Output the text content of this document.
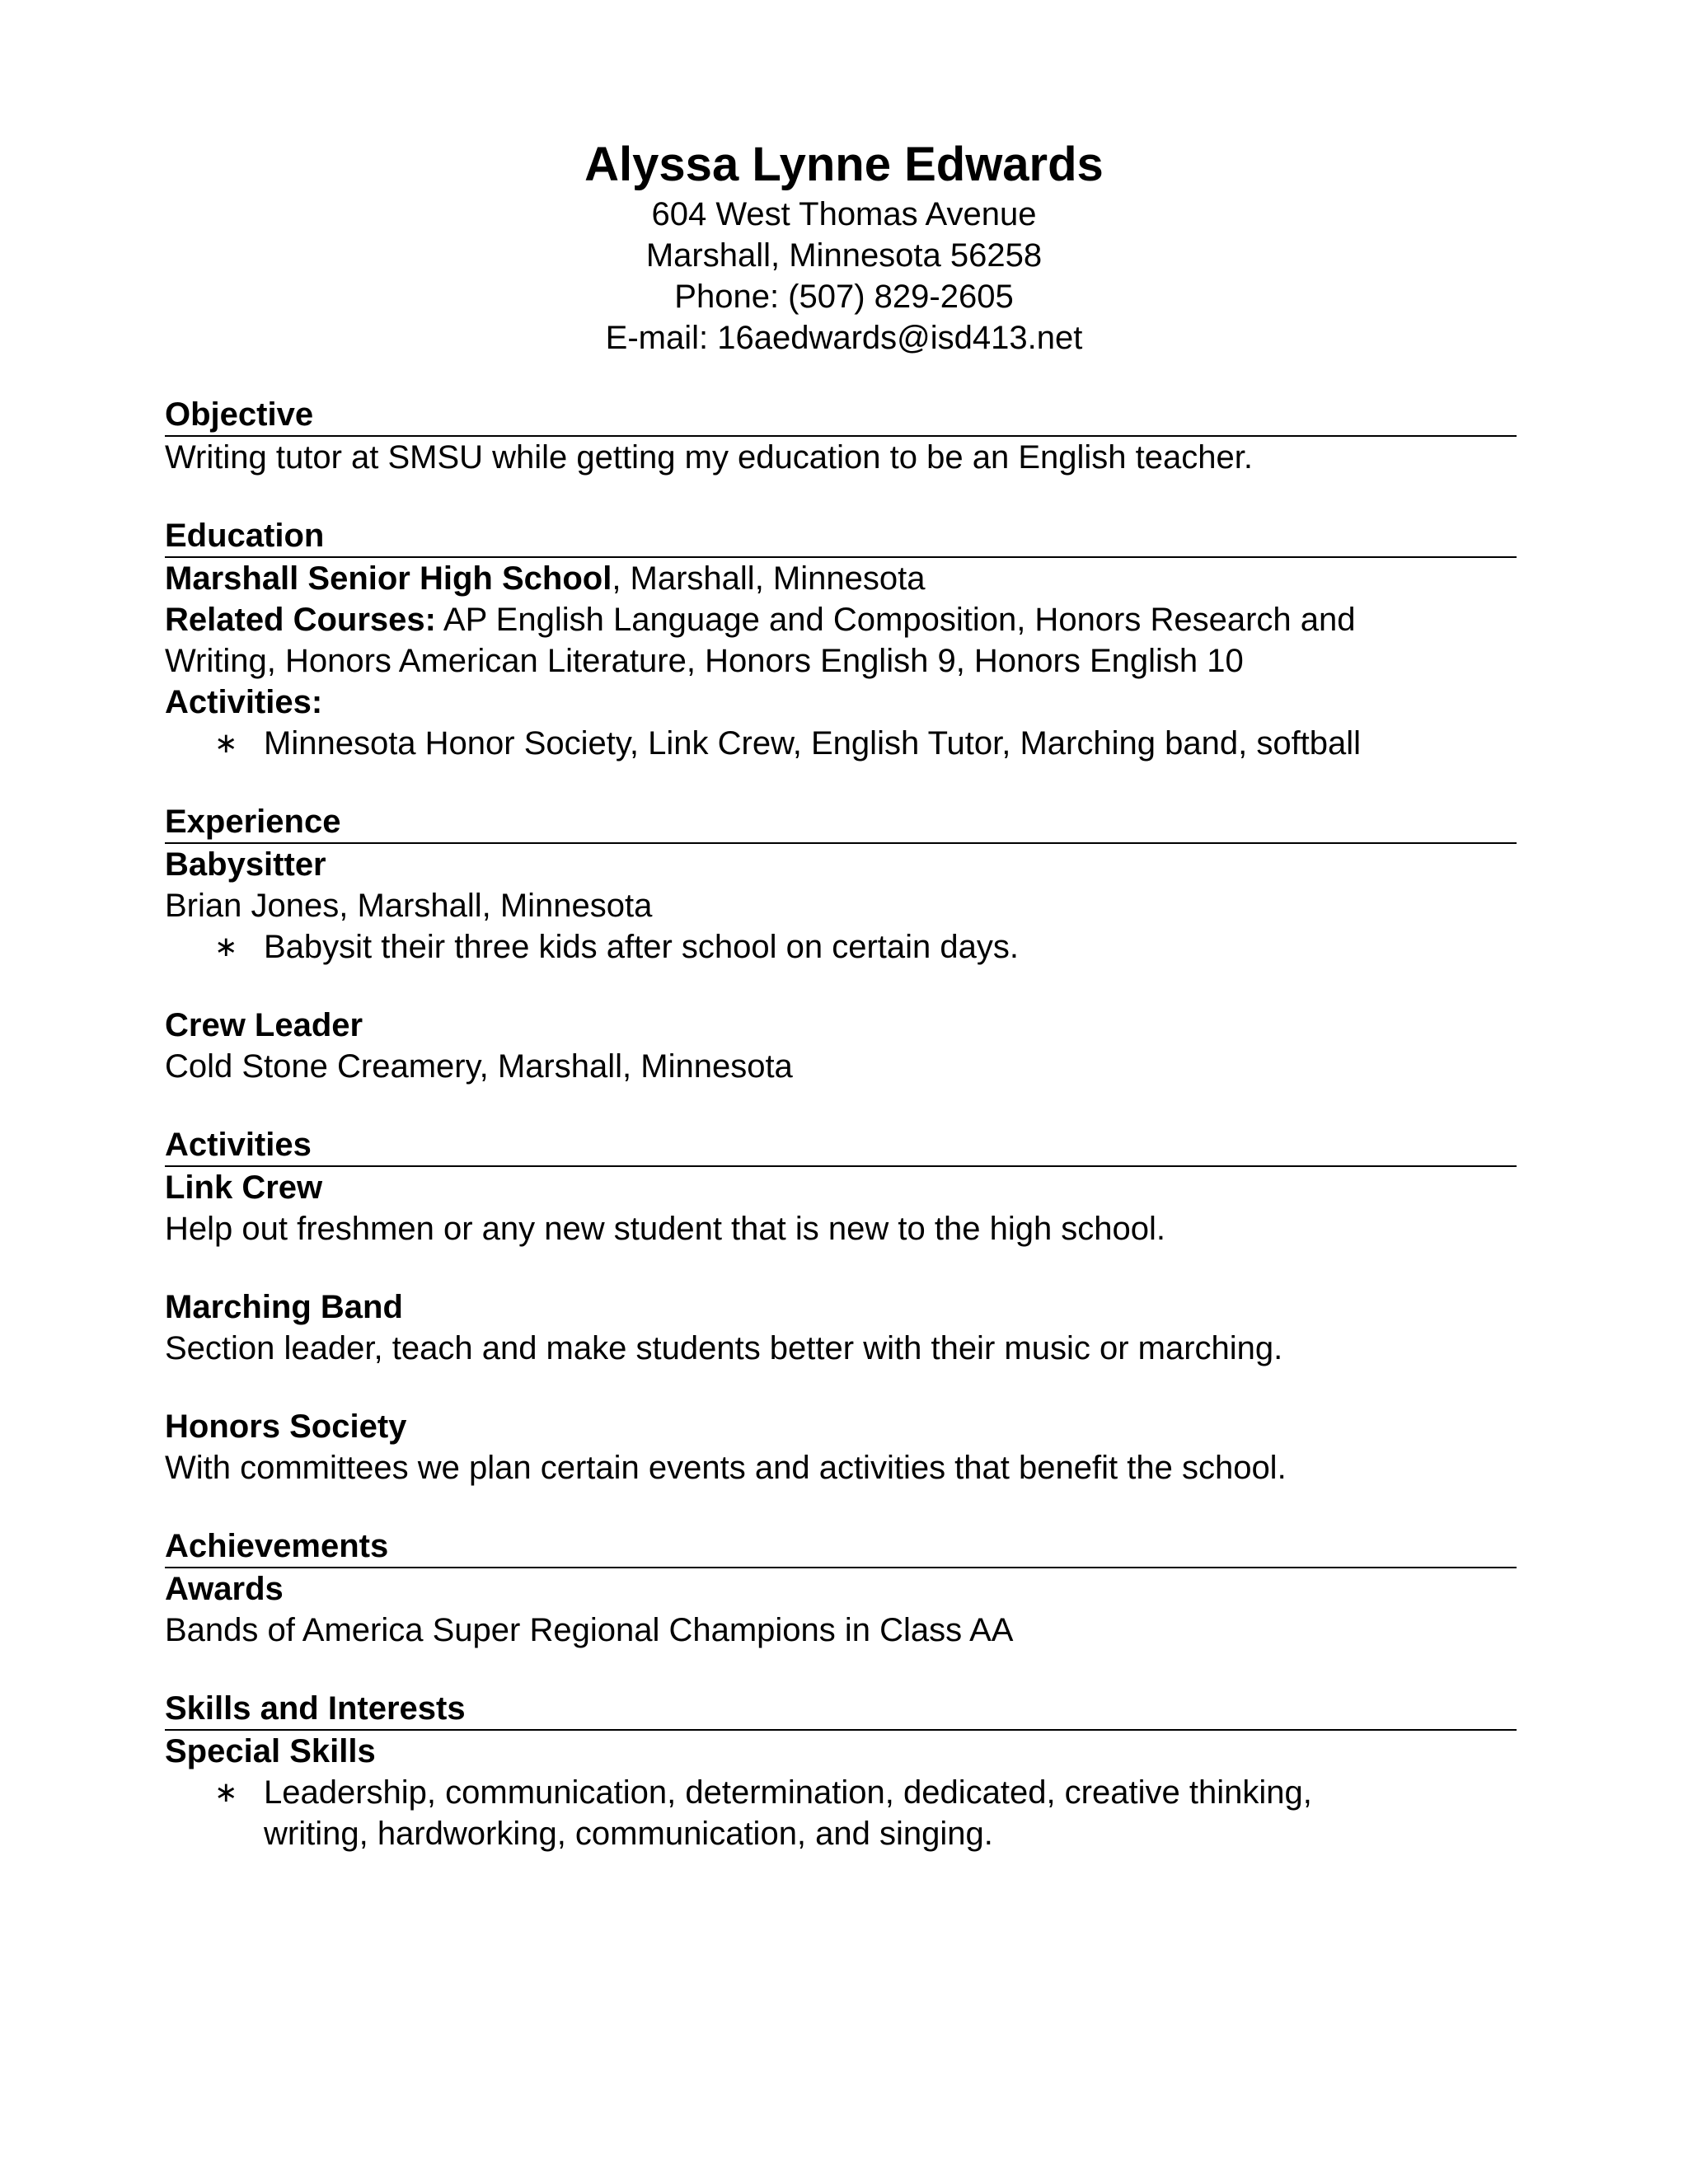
Alyssa Lynne Edwards

604 West Thomas Avenue

Marshall, Minnesota 56258

Phone: (507) 829-2605

E-mail: 16aedwards@isd413.net

Objective

Writing tutor at SMSU while getting my education to be an English teacher.

Education

Marshall Senior High School, Marshall, Minnesota

Related Courses: AP English Language and Composition, Honors Research and

Writing, Honors American Literature, Honors English 9, Honors English 10

Activities:

∗ Minnesota Honor Society, Link Crew, English Tutor, Marching band, softball

Experience

Babysitter

Brian Jones, Marshall, Minnesota

∗ Babysit their three kids after school on certain days.

Crew Leader

Cold Stone Creamery, Marshall, Minnesota

Activities

Link Crew

Help out freshmen or any new student that is new to the high school.

Marching Band

Section leader, teach and make students better with their music or marching.

Honors Society

With committees we plan certain events and activities that benefit the school.

Achievements

Awards

Bands of America Super Regional Champions in Class AA

Skills and Interests

Special Skills

∗ Leadership, communication, determination, dedicated, creative thinking,
writing, hardworking, communication, and singing.
